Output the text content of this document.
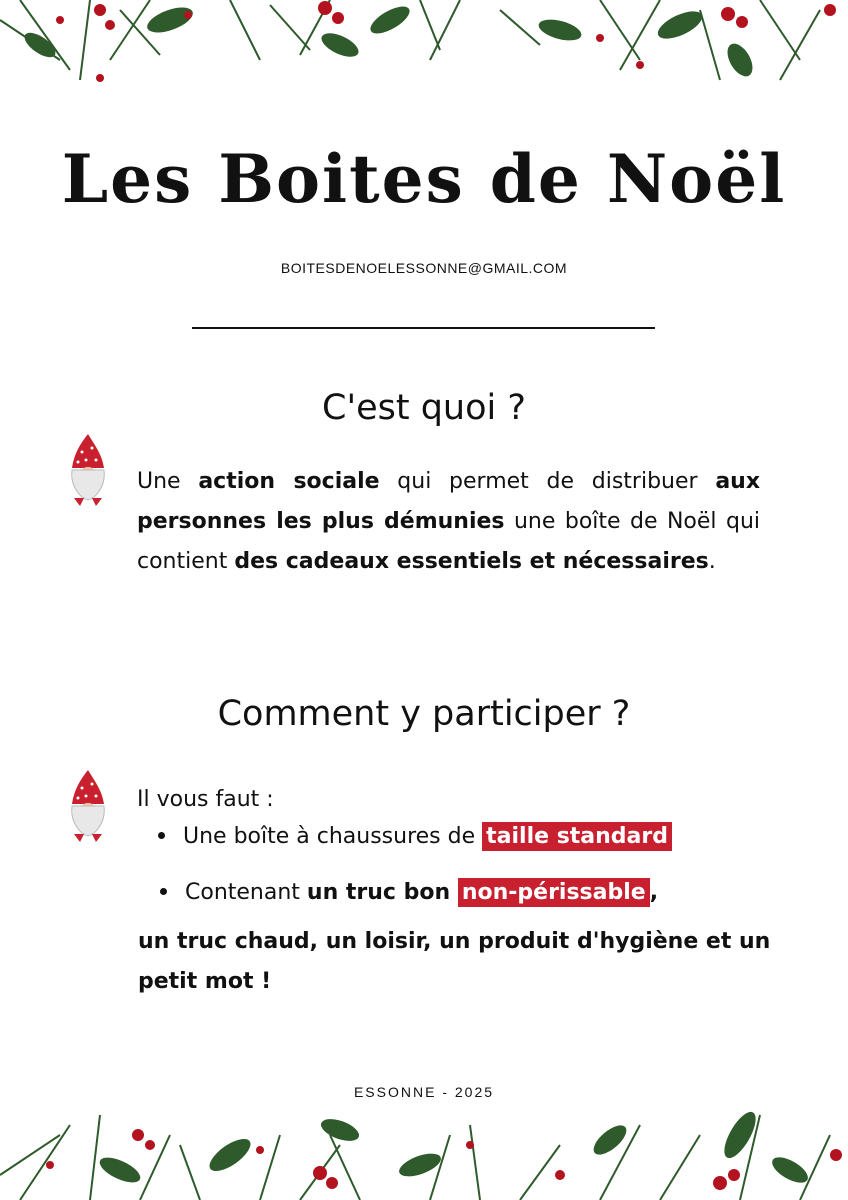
Les Boites de Noël
BOITESDENOELESSONNE@GMAIL.COM
C'est quoi ?

Une action sociale qui permet de distribuer aux personnes les plus démunies une boîte de Noël qui contient des cadeaux essentiels et nécessaires.

Comment y participer ?
Il vous faut :
Une boîte à chaussures de taille standard
Contenant un truc bon non-périssable ,

un truc chaud, un loisir, un produit d'hygiène et un petit mot !

ESSONNE - 2025
